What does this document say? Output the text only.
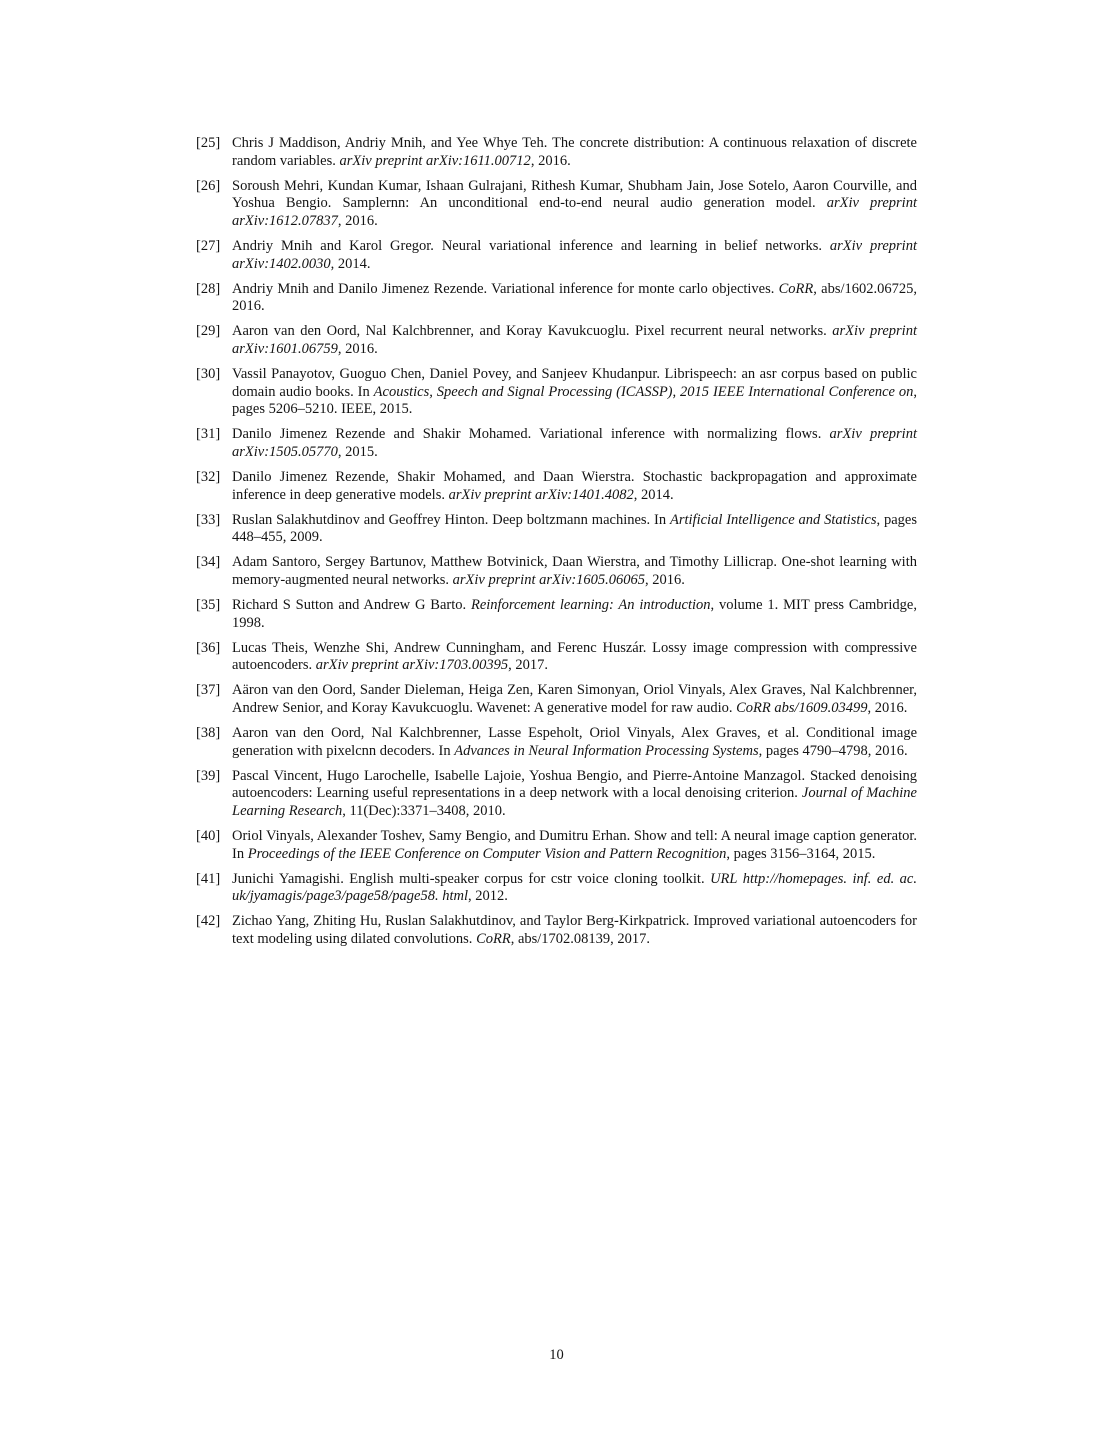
[25] Chris J Maddison, Andriy Mnih, and Yee Whye Teh. The concrete distribution: A continuous relaxation of discrete random variables. arXiv preprint arXiv:1611.00712, 2016.
[26] Soroush Mehri, Kundan Kumar, Ishaan Gulrajani, Rithesh Kumar, Shubham Jain, Jose Sotelo, Aaron Courville, and Yoshua Bengio. Samplernn: An unconditional end-to-end neural audio generation model. arXiv preprint arXiv:1612.07837, 2016.
[27] Andriy Mnih and Karol Gregor. Neural variational inference and learning in belief networks. arXiv preprint arXiv:1402.0030, 2014.
[28] Andriy Mnih and Danilo Jimenez Rezende. Variational inference for monte carlo objectives. CoRR, abs/1602.06725, 2016.
[29] Aaron van den Oord, Nal Kalchbrenner, and Koray Kavukcuoglu. Pixel recurrent neural networks. arXiv preprint arXiv:1601.06759, 2016.
[30] Vassil Panayotov, Guoguo Chen, Daniel Povey, and Sanjeev Khudanpur. Librispeech: an asr corpus based on public domain audio books. In Acoustics, Speech and Signal Processing (ICASSP), 2015 IEEE International Conference on, pages 5206–5210. IEEE, 2015.
[31] Danilo Jimenez Rezende and Shakir Mohamed. Variational inference with normalizing flows. arXiv preprint arXiv:1505.05770, 2015.
[32] Danilo Jimenez Rezende, Shakir Mohamed, and Daan Wierstra. Stochastic backpropagation and approximate inference in deep generative models. arXiv preprint arXiv:1401.4082, 2014.
[33] Ruslan Salakhutdinov and Geoffrey Hinton. Deep boltzmann machines. In Artificial Intelligence and Statistics, pages 448–455, 2009.
[34] Adam Santoro, Sergey Bartunov, Matthew Botvinick, Daan Wierstra, and Timothy Lillicrap. One-shot learning with memory-augmented neural networks. arXiv preprint arXiv:1605.06065, 2016.
[35] Richard S Sutton and Andrew G Barto. Reinforcement learning: An introduction, volume 1. MIT press Cambridge, 1998.
[36] Lucas Theis, Wenzhe Shi, Andrew Cunningham, and Ferenc Huszár. Lossy image compression with compressive autoencoders. arXiv preprint arXiv:1703.00395, 2017.
[37] Aäron van den Oord, Sander Dieleman, Heiga Zen, Karen Simonyan, Oriol Vinyals, Alex Graves, Nal Kalchbrenner, Andrew Senior, and Koray Kavukcuoglu. Wavenet: A generative model for raw audio. CoRR abs/1609.03499, 2016.
[38] Aaron van den Oord, Nal Kalchbrenner, Lasse Espeholt, Oriol Vinyals, Alex Graves, et al. Conditional image generation with pixelcnn decoders. In Advances in Neural Information Processing Systems, pages 4790–4798, 2016.
[39] Pascal Vincent, Hugo Larochelle, Isabelle Lajoie, Yoshua Bengio, and Pierre-Antoine Manzagol. Stacked denoising autoencoders: Learning useful representations in a deep network with a local denoising criterion. Journal of Machine Learning Research, 11(Dec):3371–3408, 2010.
[40] Oriol Vinyals, Alexander Toshev, Samy Bengio, and Dumitru Erhan. Show and tell: A neural image caption generator. In Proceedings of the IEEE Conference on Computer Vision and Pattern Recognition, pages 3156–3164, 2015.
[41] Junichi Yamagishi. English multi-speaker corpus for cstr voice cloning toolkit. URL http://homepages. inf. ed. ac. uk/jyamagis/page3/page58/page58. html, 2012.
[42] Zichao Yang, Zhiting Hu, Ruslan Salakhutdinov, and Taylor Berg-Kirkpatrick. Improved variational autoencoders for text modeling using dilated convolutions. CoRR, abs/1702.08139, 2017.
10
